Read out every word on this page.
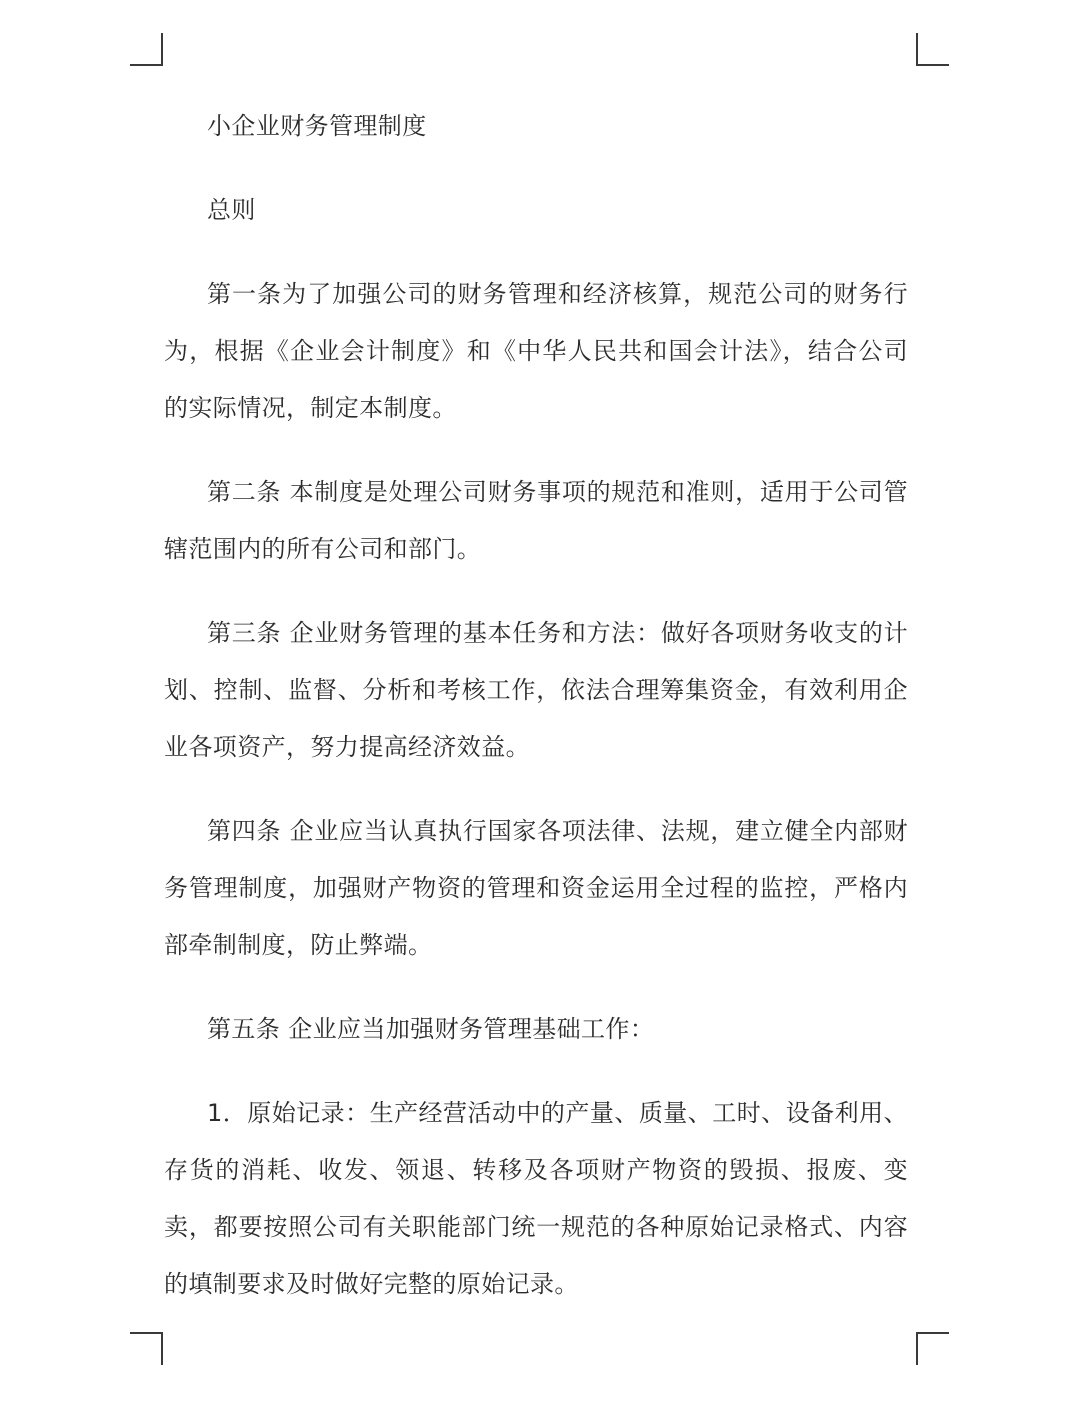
小企业财务管理制度

总则

第一条为了加强公司的财务管理和经济核算，规范公司的财务行为，根据《企业会计制度》和《中华人民共和国会计法》，结合公司的实际情况，制定本制度。

第二条 本制度是处理公司财务事项的规范和准则，适用于公司管辖范围内的所有公司和部门。

第三条 企业财务管理的基本任务和方法：做好各项财务收支的计划、控制、监督、分析和考核工作，依法合理筹集资金，有效利用企业各项资产，努力提高经济效益。

第四条 企业应当认真执行国家各项法律、法规，建立健全内部财务管理制度，加强财产物资的管理和资金运用全过程的监控，严格内部牵制制度，防止弊端。

第五条 企业应当加强财务管理基础工作：

1．原始记录：生产经营活动中的产量、质量、工时、设备利用、存货的消耗、收发、领退、转移及各项财产物资的毁损、报废、变卖，都要按照公司有关职能部门统一规范的各种原始记录格式、内容的填制要求及时做好完整的原始记录。
